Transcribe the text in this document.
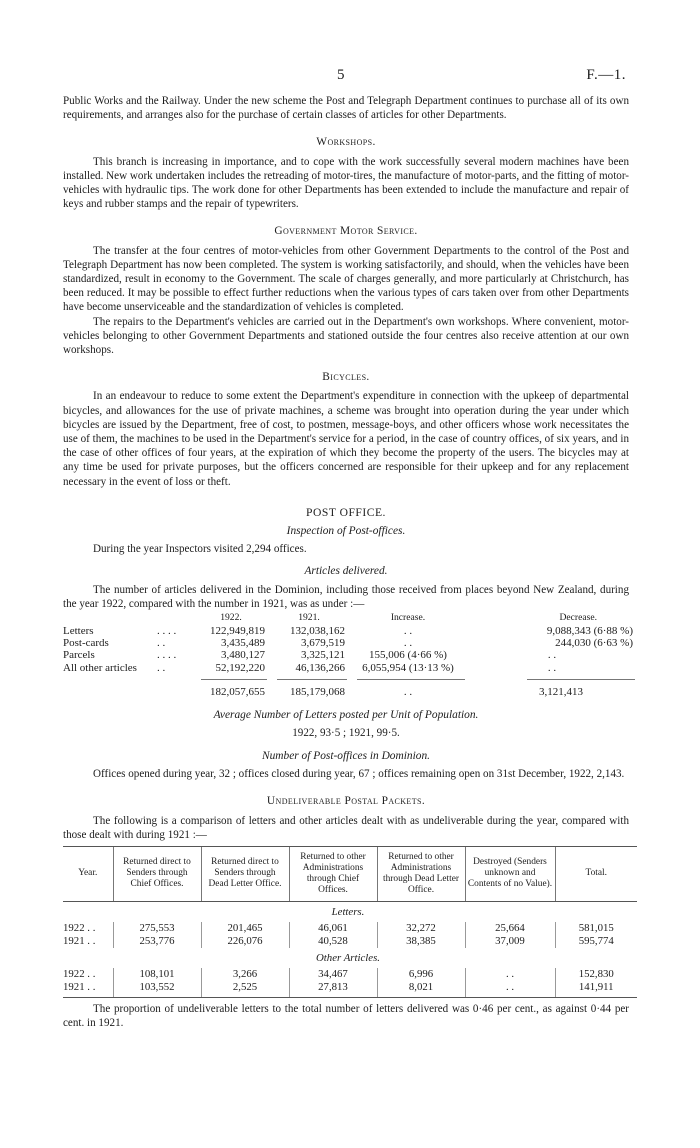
5	F.—1.

Public Works and the Railway. Under the new scheme the Post and Telegraph Department continues to purchase all of its own requirements, and arranges also for the purchase of certain classes of articles for other Departments.

Workshops.

This branch is increasing in importance, and to cope with the work successfully several modern machines have been installed. New work undertaken includes the retreading of motor-tires, the manufacture of motor-parts, and the fitting of motor-vehicles with hydraulic tips. The work done for other Departments has been extended to include the manufacture and repair of keys and rubber stamps and the repair of typewriters.

Government Motor Service.

The transfer at the four centres of motor-vehicles from other Government Departments to the control of the Post and Telegraph Department has now been completed. The system is working satisfactorily, and should, when the vehicles have been standardized, result in economy to the Government. The scale of charges generally, and more particularly at Christchurch, has been reduced. It may be possible to effect further reductions when the various types of cars taken over from other Departments have become unserviceable and the standardization of vehicles is completed.

The repairs to the Department's vehicles are carried out in the Department's own workshops. Where convenient, motor-vehicles belonging to other Government Departments and stationed outside the four centres also receive attention at our own workshops.

Bicycles.

In an endeavour to reduce to some extent the Department's expenditure in connection with the upkeep of departmental bicycles, and allowances for the use of private machines, a scheme was brought into operation during the year under which bicycles are issued by the Department, free of cost, to postmen, message-boys, and other officers whose work necessitates the use of them, the machines to be used in the Department's service for a period, in the case of country offices, of six years, and in the case of other offices of four years, at the expiration of which they become the property of the users. The bicycles may at any time be used for private purposes, but the officers concerned are responsible for their upkeep and for any replacement necessary in the event of loss or theft.

POST OFFICE.
Inspection of Post-offices.

During the year Inspectors visited 2,294 offices.

Articles delivered.

The number of articles delivered in the Dominion, including those received from places beyond New Zealand, during the year 1922, compared with the number in 1921, was as under :—

		1922.	1921.	Increase.	Decrease.
Letters	. . . .	122,949,819	132,038,162	. .	9,088,343 (6·88 %)
Post-cards	. .	3,435,489	3,679,519	. .	244,030 (6·63 %)
Parcels	. . . .	3,480,127	3,325,121	155,006 (4·66 %)	. .
All other articles	. .	52,192,220	46,136,266	6,055,954 (13·13 %)	. .

		182,057,655	185,179,068	. .	3,121,413
Average Number of Letters posted per Unit of Population.
1922, 93·5 ; 1921, 99·5.
Number of Post-offices in Dominion.

Offices opened during year, 32 ; offices closed during year, 67 ; offices remaining open on 31st December, 1922, 2,143.

Undeliverable Postal Packets.

The following is a comparison of letters and other articles dealt with as undeliverable during the year, compared with those dealt with during 1921 :—

Year.	Returned direct to Senders through Chief Offices.	Returned direct to Senders through Dead Letter Office.	Returned to other Administrations through Chief Offices.	Returned to other Administrations through Dead Letter Office.	Destroyed (Senders unknown and Contents of no Value).	Total.
Letters.						
1922 . .	275,553	201,465	46,061	32,272	25,664	581,015
1921 . .	253,776	226,076	40,528	38,385	37,009	595,774
Other Articles.						
1922 . .	108,101	3,266	34,467	6,996	. .	152,830
1921 . .	103,552	2,525	27,813	8,021	. .	141,911

The proportion of undeliverable letters to the total number of letters delivered was 0·46 per cent., as against 0·44 per cent. in 1921.
